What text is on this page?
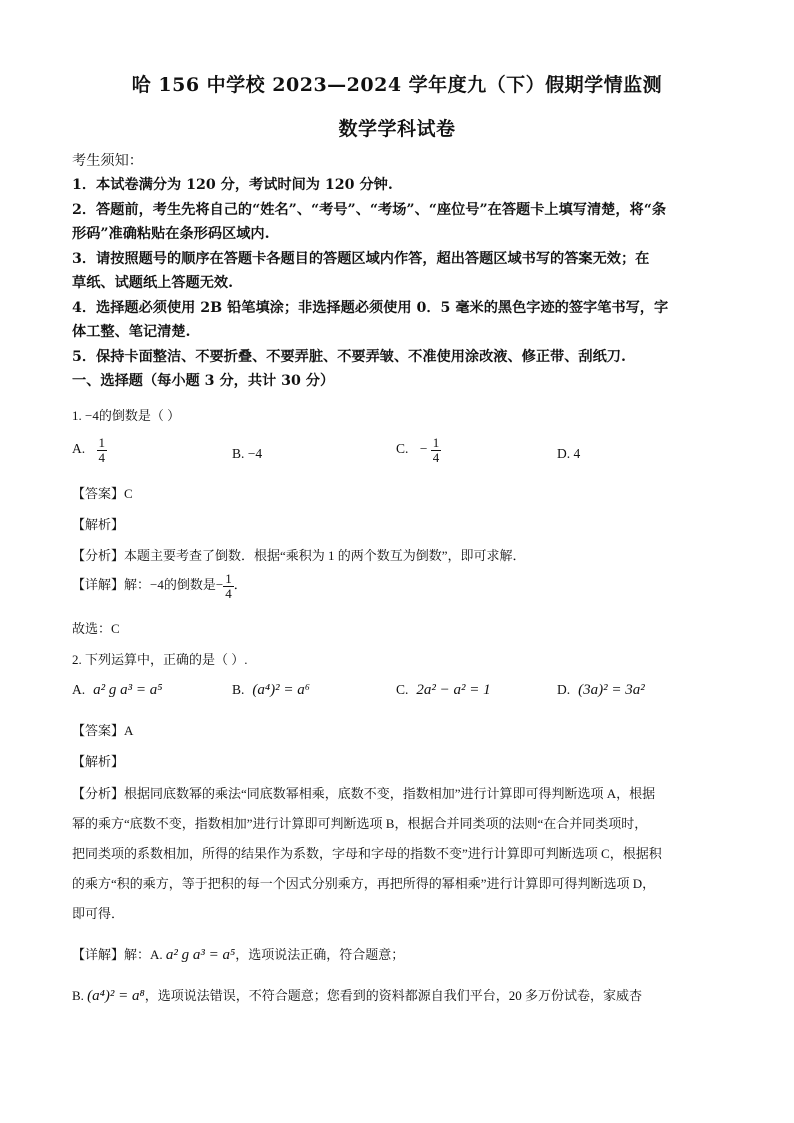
哈 156 中学校 2023—2024 学年度九（下）假期学情监测
数学学科试卷
考生须知：
1．本试卷满分为 120 分，考试时间为 120 分钟.
2．答题前，考生先将自己的“姓名”、“考号”、“考场”、“座位号”在答题卡上填写清楚，将“条
形码”准确粘贴在条形码区域内.
3．请按照题号的顺序在答题卡各题目的答题区域内作答，超出答题区域书写的答案无效；在
草纸、试题纸上答题无效.
4．选择题必须使用 2B 铅笔填涂；非选择题必须使用 0．5 毫米的黑色字迹的签字笔书写，字
体工整、笔记清楚.
5．保持卡面整洁、不要折叠、不要弄脏、不要弄皱、不准使用涂改液、修正带、刮纸刀.
一、选择题（每小题 3 分，共计 30 分）
1. −4的倒数是（ ）
A. $\frac{1}{4}$	B. −4	C. − $\frac{1}{4}$	D. 4
【答案】C
【解析】
【分析】本题主要考查了倒数．根据“乘积为 1 的两个数互为倒数”，即可求解．
【详解】解：−4的倒数是− $\frac{1}{4}$ ．
故选：C
2. 下列运算中，正确的是（ ）.
A. a² g a³ = a⁵	B. (a⁴)² = a⁶	C. 2a² − a² = 1	D. (3a)² = 3a²
【答案】A
【解析】
【分析】根据同底数幂的乘法“同底数幂相乘，底数不变，指数相加”进行计算即可得判断选项 A，根据
幂的乘方“底数不变，指数相加”进行计算即可判断选项 B，根据合并同类项的法则“在合并同类项时，
把同类项的系数相加，所得的结果作为系数，字母和字母的指数不变”进行计算即可判断选项 C，根据积
的乘方“积的乘方，等于把积的每一个因式分别乘方，再把所得的幂相乘”进行计算即可得判断选项 D，
即可得．
【详解】解：A. a² g a³ = a⁵，选项说法正确，符合题意；
B. (a⁴)² = a⁸，选项说法错误，不符合题意；您看到的资料都源自我们平台，20 多万份试卷，家威杏
